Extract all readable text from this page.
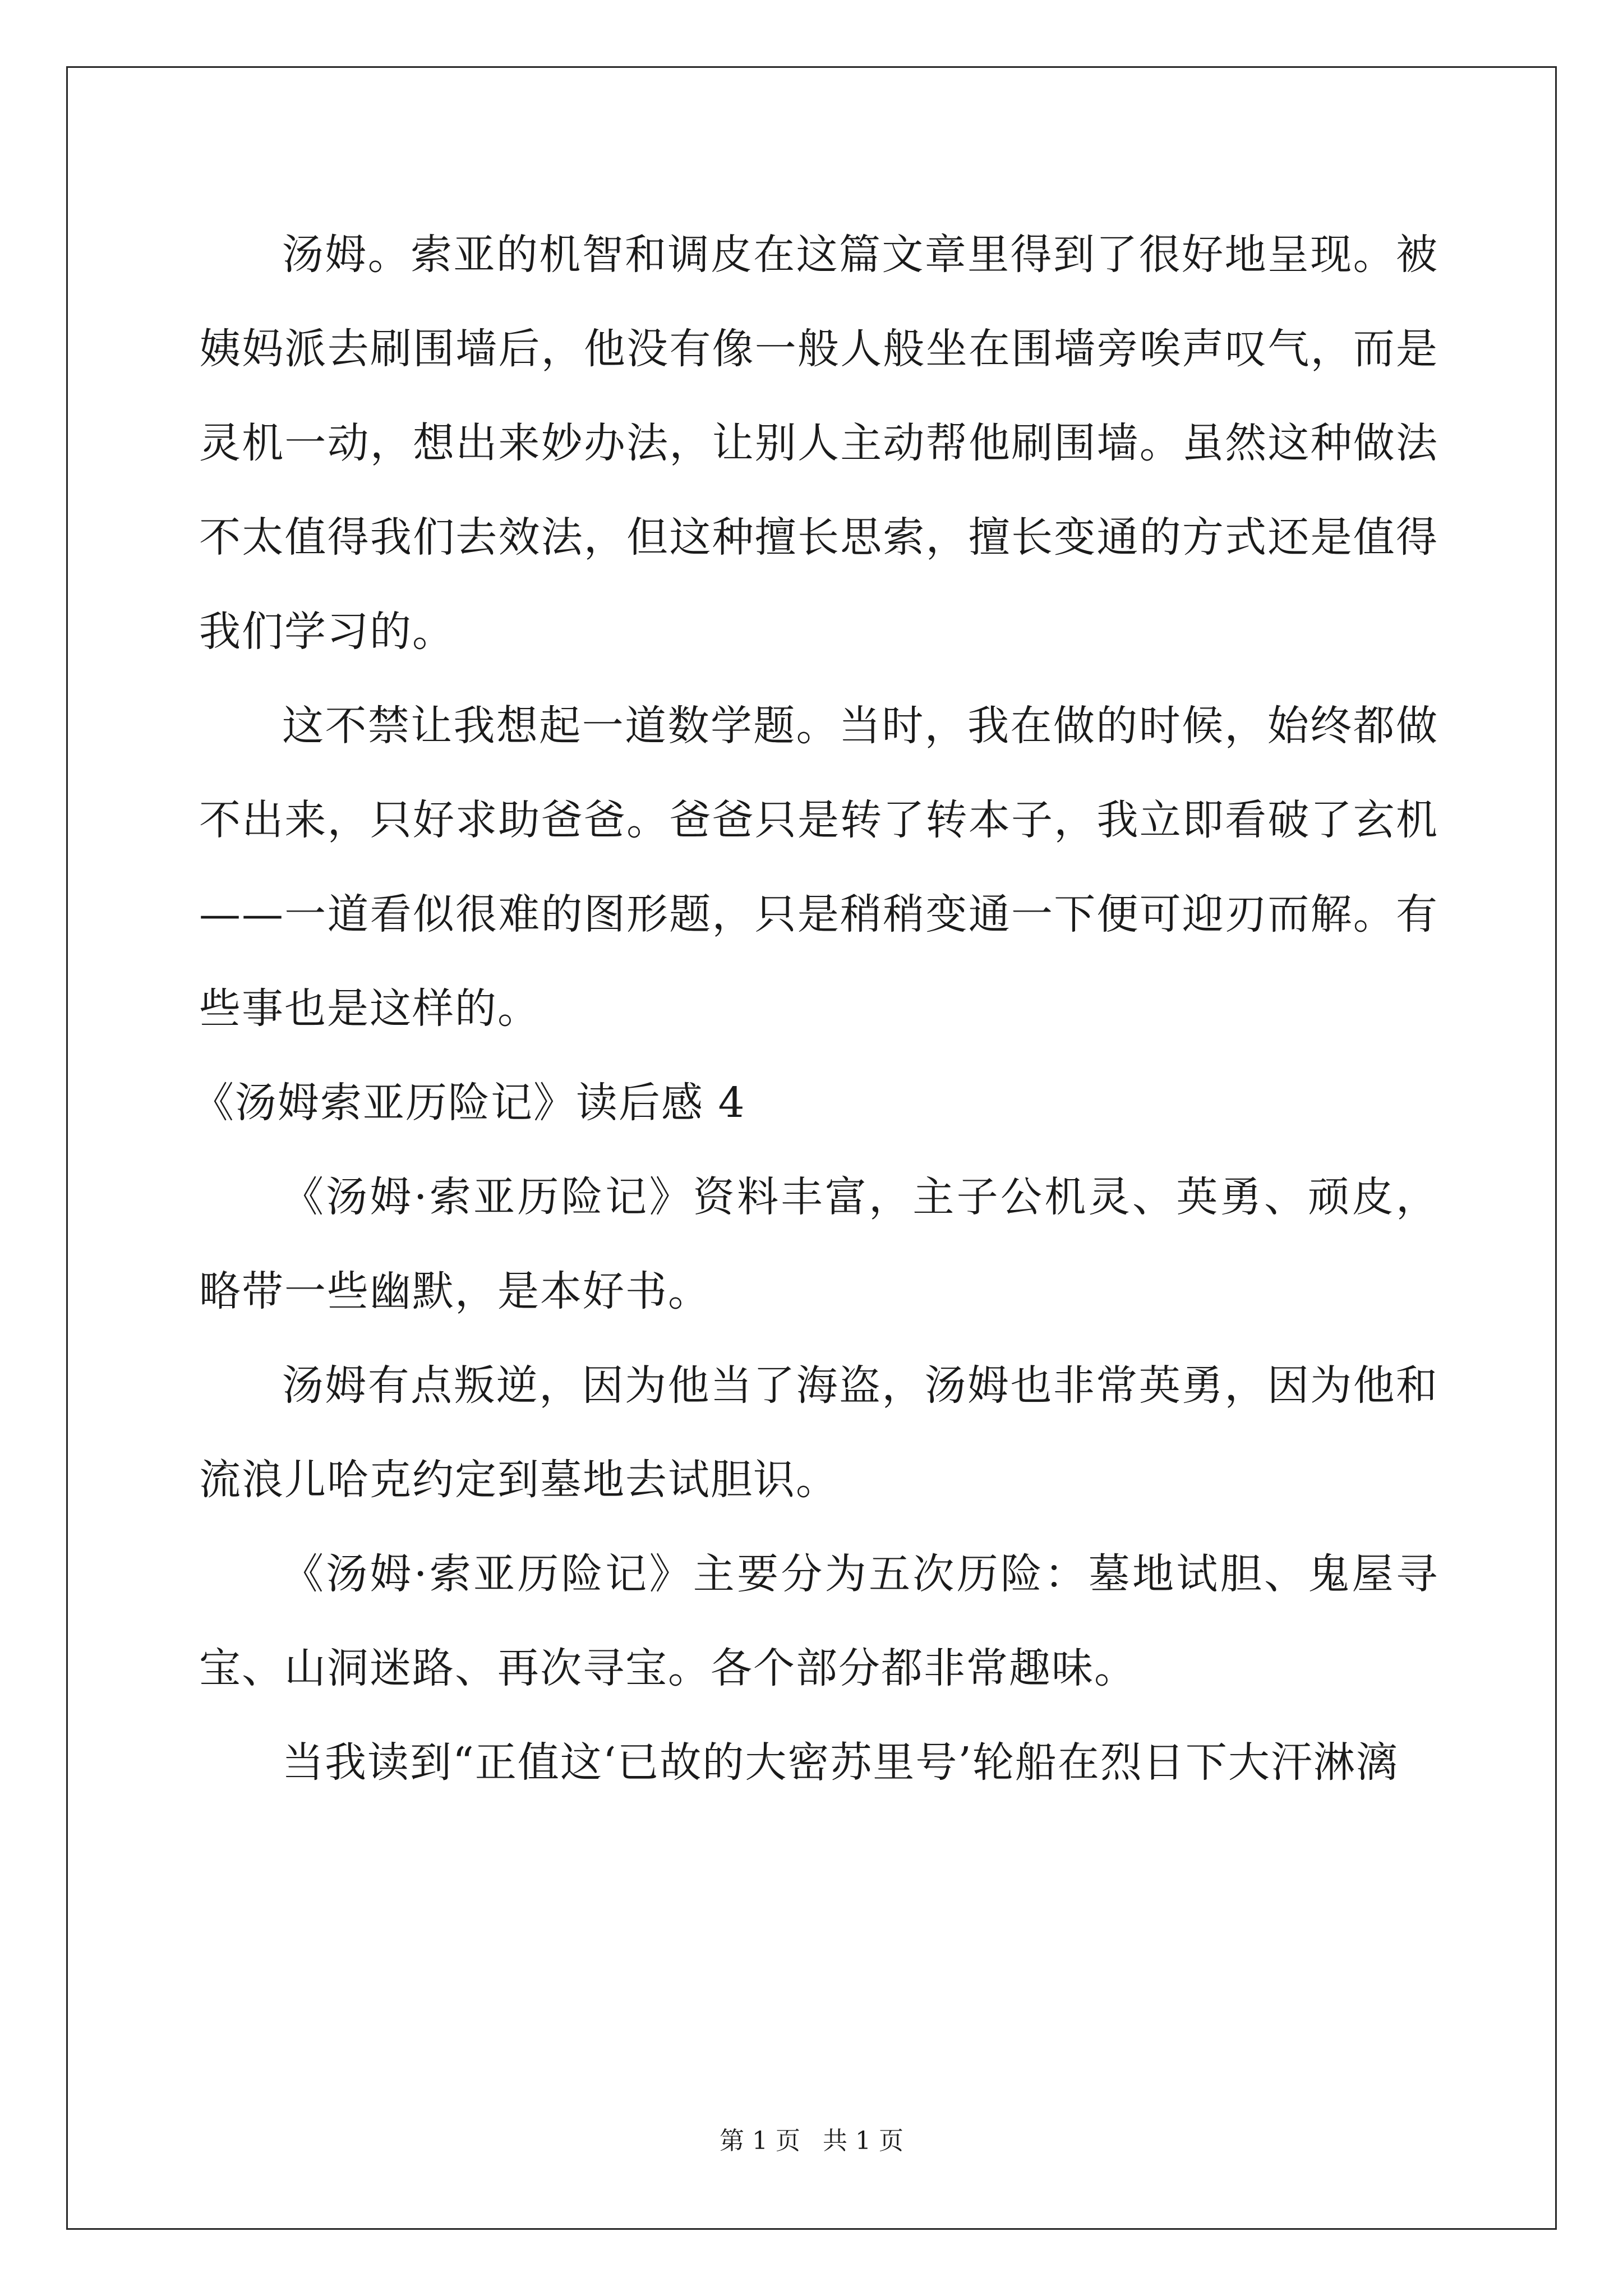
汤姆。索亚的机智和调皮在这篇文章里得到了很好地呈现。被姨妈派去刷围墙后，他没有像一般人般坐在围墙旁唉声叹气，而是灵机一动，想出来妙办法，让别人主动帮他刷围墙。虽然这种做法不太值得我们去效法，但这种擅长思索，擅长变通的方式还是值得我们学习的。

这不禁让我想起一道数学题。当时，我在做的时候，始终都做不出来，只好求助爸爸。爸爸只是转了转本子，我立即看破了玄机——一道看似很难的图形题，只是稍稍变通一下便可迎刃而解。有些事也是这样的。

《汤姆索亚历险记》读后感 4

《汤姆·索亚历险记》资料丰富，主子公机灵、英勇、顽皮，略带一些幽默，是本好书。

汤姆有点叛逆，因为他当了海盗，汤姆也非常英勇，因为他和流浪儿哈克约定到墓地去试胆识。

《汤姆·索亚历险记》主要分为五次历险：墓地试胆、鬼屋寻宝、山洞迷路、再次寻宝。各个部分都非常趣味。

当我读到“正值这‘已故的大密苏里号’轮船在烈日下大汗淋漓

第 1 页 共 1 页
